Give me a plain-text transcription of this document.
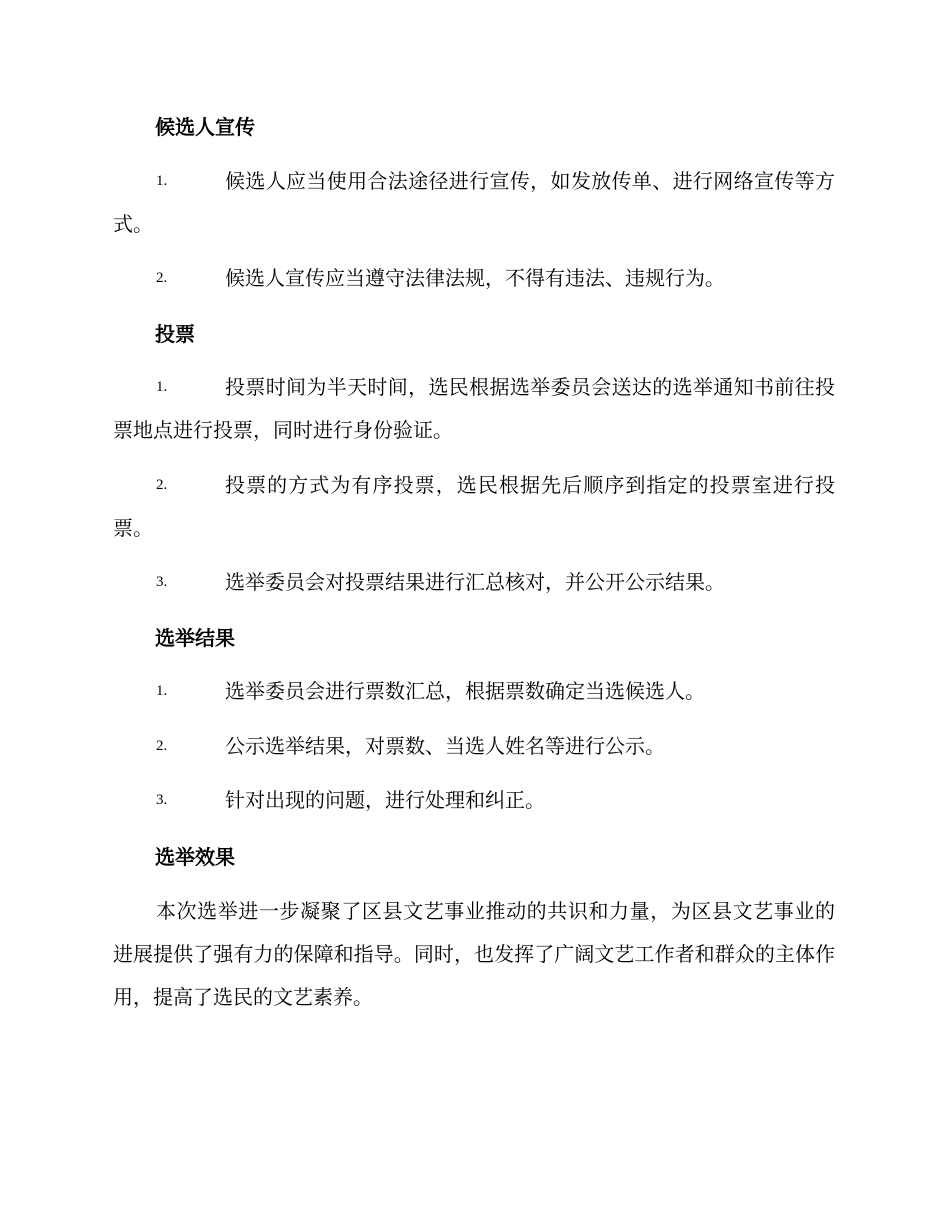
候选人宣传
1.	候选人应当使用合法途径进行宣传，如发放传单、进行网络宣传等方式。
2.	候选人宣传应当遵守法律法规，不得有违法、违规行为。
投票
1.	投票时间为半天时间，选民根据选举委员会送达的选举通知书前往投票地点进行投票，同时进行身份验证。
2.	投票的方式为有序投票，选民根据先后顺序到指定的投票室进行投票。
3.	选举委员会对投票结果进行汇总核对，并公开公示结果。
选举结果
1.	选举委员会进行票数汇总，根据票数确定当选候选人。
2.	公示选举结果，对票数、当选人姓名等进行公示。
3.	针对出现的问题，进行处理和纠正。
选举效果

本次选举进一步凝聚了区县文艺事业推动的共识和力量，为区县文艺事业的进展提供了强有力的保障和指导。同时，也发挥了广阔文艺工作者和群众的主体作用，提高了选民的文艺素养。
